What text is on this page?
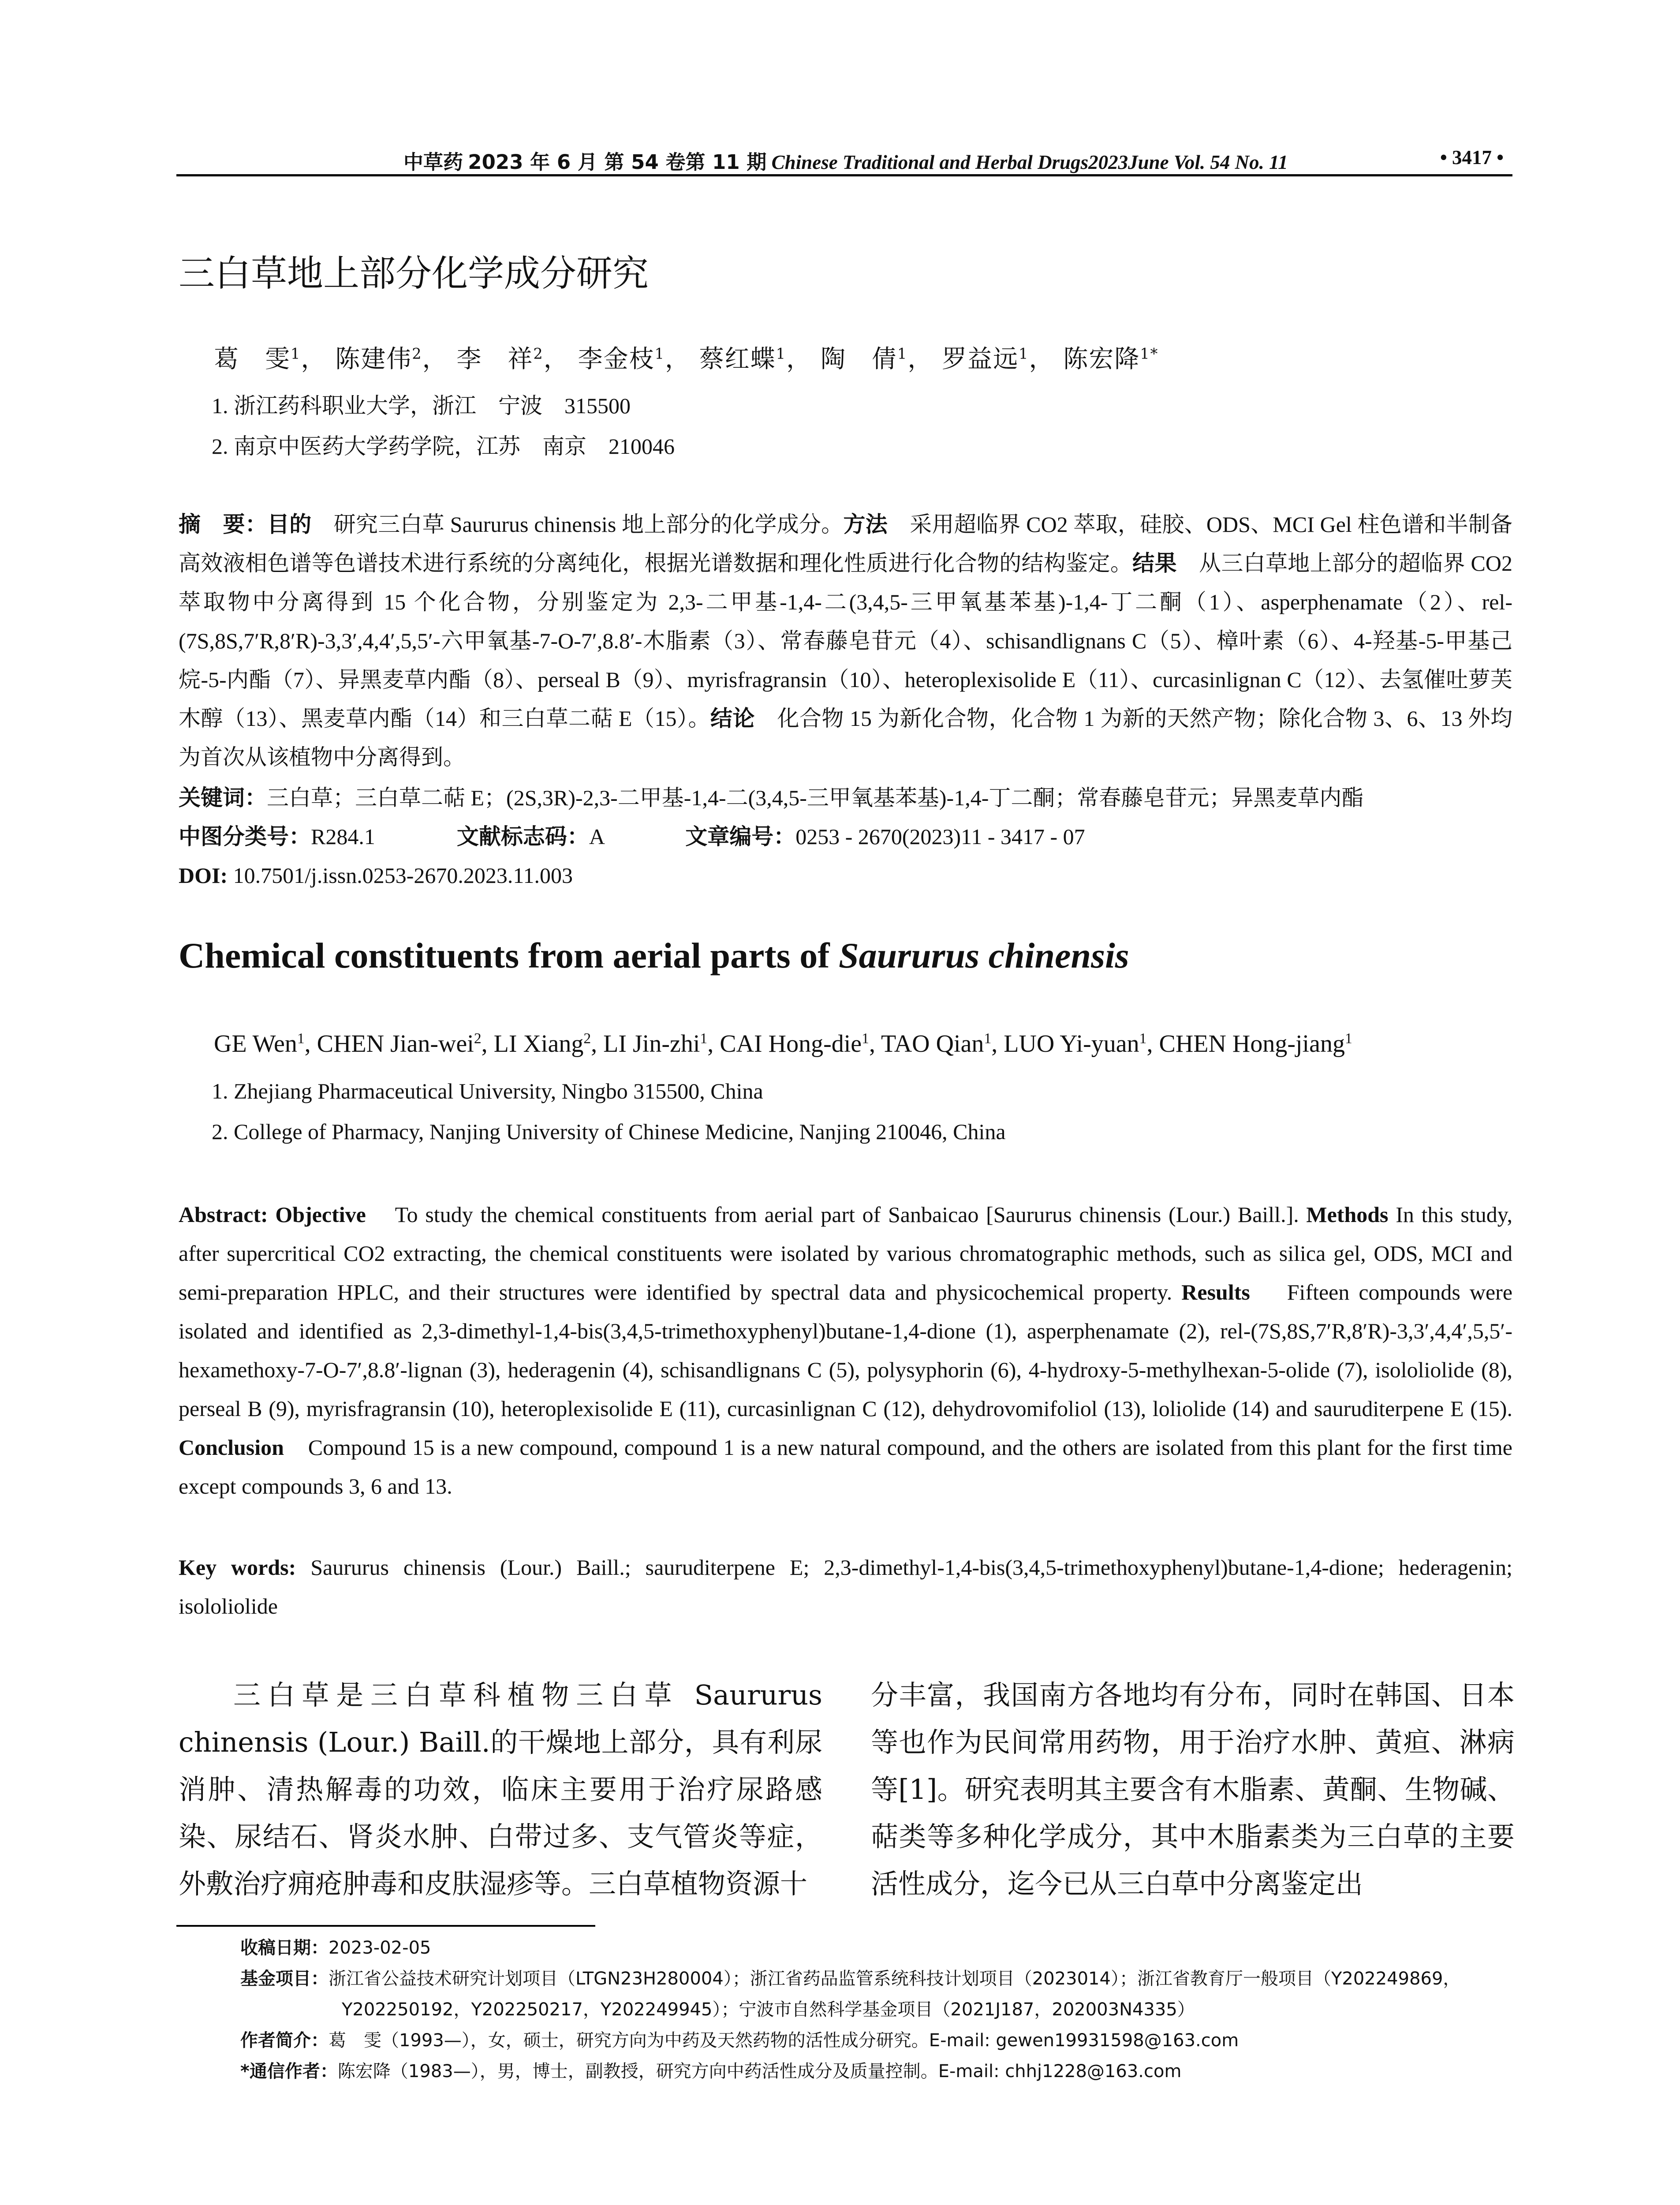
中草药 2023 年 6 月 第 54 卷第 11 期 Chinese Traditional and Herbal Drugs2023June Vol. 54 No. 11	• 3417 •
三白草地上部分化学成分研究
葛　雯$^1$， 陈建伟$^2$， 李　祥$^2$， 李金枝$^1$， 蔡红蝶$^1$， 陶　倩$^1$， 罗益远$^1$， 陈宏降$^{1*}$
1. 浙江药科职业大学，浙江　宁波　315500
2. 南京中医药大学药学院，江苏　南京　210046
摘　要：目的　 研究三白草 Saururus chinensis 地上部分的化学成分。方法　 采用超临界 CO2 萃取，硅胶、ODS、MCI Gel 柱色谱和半制备高效液相色谱等色谱技术进行系统的分离纯化，根据光谱数据和理化性质进行化合物的结构鉴定。结果　 从三白草地上部分的超临界 CO2 萃取物中分离得到 15 个化合物，分别鉴定为 2,3-二甲基-1,4-二(3,4,5-三甲氧基苯基)-1,4-丁二酮（1）、asperphenamate（2）、rel-(7S,8S,7′R,8′R)-3,3′,4,4′,5,5′-六甲氧基-7-O-7′,8.8′-木脂素（3）、常春藤皂苷元（4）、schisandlignans C（5）、樟叶素（6）、4-羟基-5-甲基己烷-5-内酯（7）、异黑麦草内酯（8）、perseal B（9）、myrisfragransin（10）、heteroplexisolide E（11）、curcasinlignan C（12）、去氢催吐萝芙木醇（13）、黑麦草内酯（14）和三白草二萜 E（15）。结论　 化合物 15 为新化合物，化合物 1 为新的天然产物；除化合物 3、6、13 外均为首次从该植物中分离得到。
关键词：三白草；三白草二萜 E；(2S,3R)-2,3-二甲基-1,4-二(3,4,5-三甲氧基苯基)-1,4-丁二酮；常春藤皂苷元；异黑麦草内酯
中图分类号：R284.1	文献标志码：A	文章编号：0253 - 2670(2023)11 - 3417 - 07
DOI: 10.7501/j.issn.0253-2670.2023.11.003
Chemical constituents from aerial parts of Saururus chinensis
GE Wen$^1$, CHEN Jian-wei$^2$, LI Xiang$^2$, LI Jin-zhi$^1$, CAI Hong-die$^1$, TAO Qian$^1$, LUO Yi-yuan$^1$, CHEN Hong-jiang$^1$
1. Zhejiang Pharmaceutical University, Ningbo 315500, China
2. College of Pharmacy, Nanjing University of Chinese Medicine, Nanjing 210046, China
Abstract: Objective To study the chemical constituents from aerial part of Sanbaicao [Saururus chinensis (Lour.) Baill.]. Methods In this study, after supercritical CO2 extracting, the chemical constituents were isolated by various chromatographic methods, such as silica gel, ODS, MCI and semi-preparation HPLC, and their structures were identified by spectral data and physicochemical property. Results Fifteen compounds were isolated and identified as 2,3-dimethyl-1,4-bis(3,4,5-trimethoxyphenyl)butane-1,4-dione (1), asperphenamate (2), rel-(7S,8S,7′R,8′R)-3,3′,4,4′,5,5′-hexamethoxy-7-O-7′,8.8′-lignan (3), hederagenin (4), schisandlignans C (5), polysyphorin (6), 4-hydroxy-5-methylhexan-5-olide (7), isololiolide (8), perseal B (9), myrisfragransin (10), heteroplexisolide E (11), curcasinlignan C (12), dehydrovomifoliol (13), loliolide (14) and sauruditerpene E (15). Conclusion Compound 15 is a new compound, compound 1 is a new natural compound, and the others are isolated from this plant for the first time except compounds 3, 6 and 13.
Key words: Saururus chinensis (Lour.) Baill.; sauruditerpene E; 2,3-dimethyl-1,4-bis(3,4,5-trimethoxyphenyl)butane-1,4-dione; hederagenin; isololiolide
三白草是三白草科植物三白草 Saururus chinensis (Lour.) Baill.的干燥地上部分，具有利尿消肿、清热解毒的功效，临床主要用于治疗尿路感染、尿结石、肾炎水肿、白带过多、支气管炎等症，外敷治疗痈疮肿毒和皮肤湿疹等。三白草植物资源十
分丰富，我国南方各地均有分布，同时在韩国、日本等也作为民间常用药物，用于治疗水肿、黄疸、淋病等[1]。研究表明其主要含有木脂素、黄酮、生物碱、萜类等多种化学成分，其中木脂素类为三白草的主要活性成分，迄今已从三白草中分离鉴定出
收稿日期：2023-02-05
基金项目：浙江省公益技术研究计划项目（LTGN23H280004）；浙江省药品监管系统科技计划项目（2023014）；浙江省教育厅一般项目（Y202249869，
Y202250192，Y202250217，Y202249945）；宁波市自然科学基金项目（2021J187，202003N4335）
作者简介：葛　雯（1993—），女，硕士，研究方向为中药及天然药物的活性成分研究。E-mail: gewen19931598@163.com
*通信作者：陈宏降（1983—），男，博士，副教授，研究方向中药活性成分及质量控制。E-mail: chhj1228@163.com
